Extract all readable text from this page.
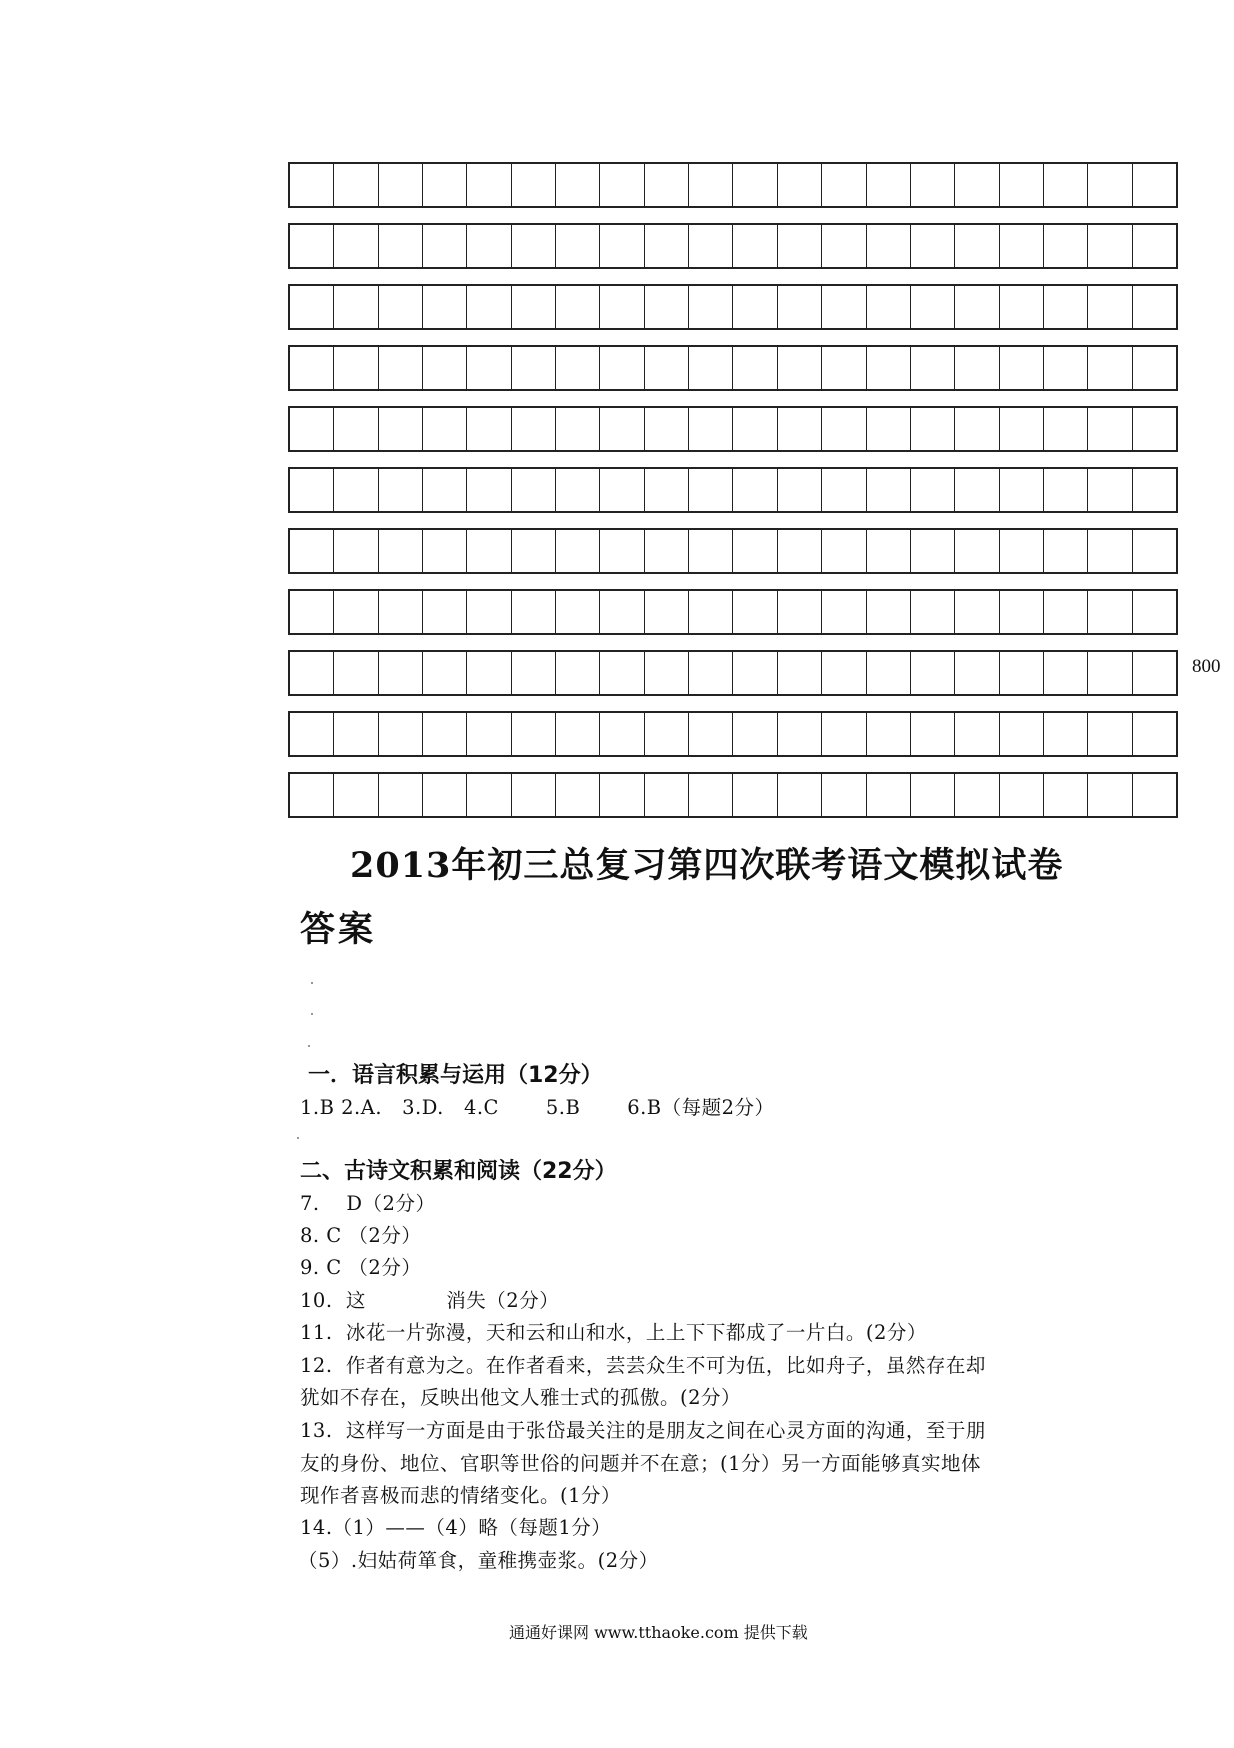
800
2013年初三总复习第四次联考语文模拟试卷
答案
一．语言积累与运用（12分）
1.B 2.A.   3.D.   4.C       5.B       6.B（每题2分）
二、古诗文积累和阅读（22分）
7.    D（2分）
8. C （2分）
9. C （2分）
10.  这            消失（2分）
11.  冰花一片弥漫，天和云和山和水，上上下下都成了一片白。(2分）
12.  作者有意为之。在作者看来，芸芸众生不可为伍，比如舟子，虽然存在却
犹如不存在，反映出他文人雅士式的孤傲。(2分）
13.  这样写一方面是由于张岱最关注的是朋友之间在心灵方面的沟通，至于朋
友的身份、地位、官职等世俗的问题并不在意；(1分）另一方面能够真实地体
现作者喜极而悲的情绪变化。(1分）
14.（1）——（4）略（每题1分）
（5）.妇姑荷箪食，童稚携壶浆。(2分）
通通好课网 www.tthaoke.com 提供下载
